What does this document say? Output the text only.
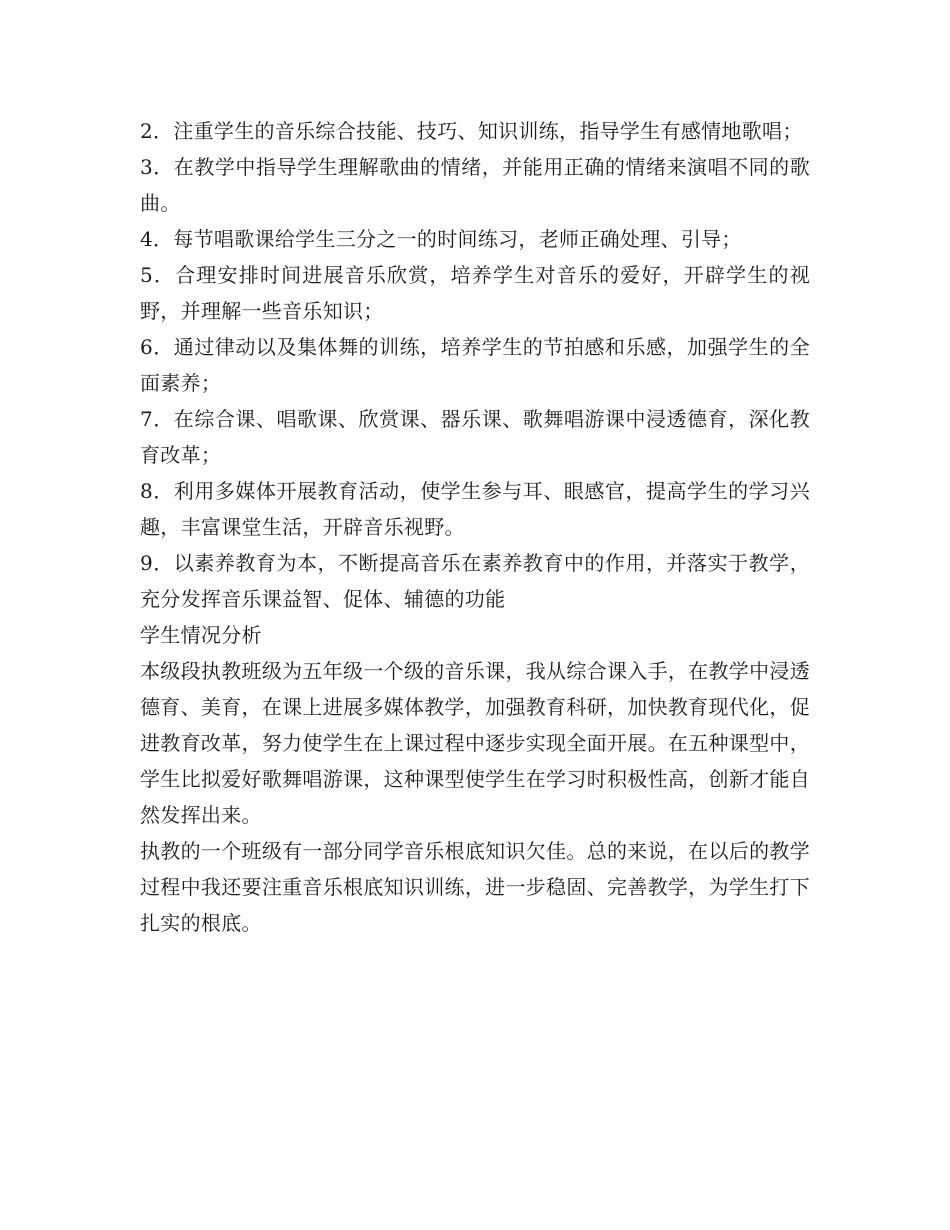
2．注重学生的音乐综合技能、技巧、知识训练，指导学生有感情地歌唱；

3．在教学中指导学生理解歌曲的情绪，并能用正确的情绪来演唱不同的歌曲。

4．每节唱歌课给学生三分之一的时间练习，老师正确处理、引导；

5．合理安排时间进展音乐欣赏，培养学生对音乐的爱好，开辟学生的视野，并理解一些音乐知识；

6．通过律动以及集体舞的训练，培养学生的节拍感和乐感，加强学生的全面素养；

7．在综合课、唱歌课、欣赏课、器乐课、歌舞唱游课中浸透德育，深化教育改革；

8．利用多媒体开展教育活动，使学生参与耳、眼感官，提高学生的学习兴趣，丰富课堂生活，开辟音乐视野。

9．以素养教育为本，不断提高音乐在素养教育中的作用，并落实于教学，充分发挥音乐课益智、促体、辅德的功能

学生情况分析

本级段执教班级为五年级一个级的音乐课，我从综合课入手，在教学中浸透德育、美育，在课上进展多媒体教学，加强教育科研，加快教育现代化，促进教育改革，努力使学生在上课过程中逐步实现全面开展。在五种课型中，学生比拟爱好歌舞唱游课，这种课型使学生在学习时积极性高，创新才能自然发挥出来。

执教的一个班级有一部分同学音乐根底知识欠佳。总的来说，在以后的教学过程中我还要注重音乐根底知识训练，进一步稳固、完善教学，为学生打下扎实的根底。
